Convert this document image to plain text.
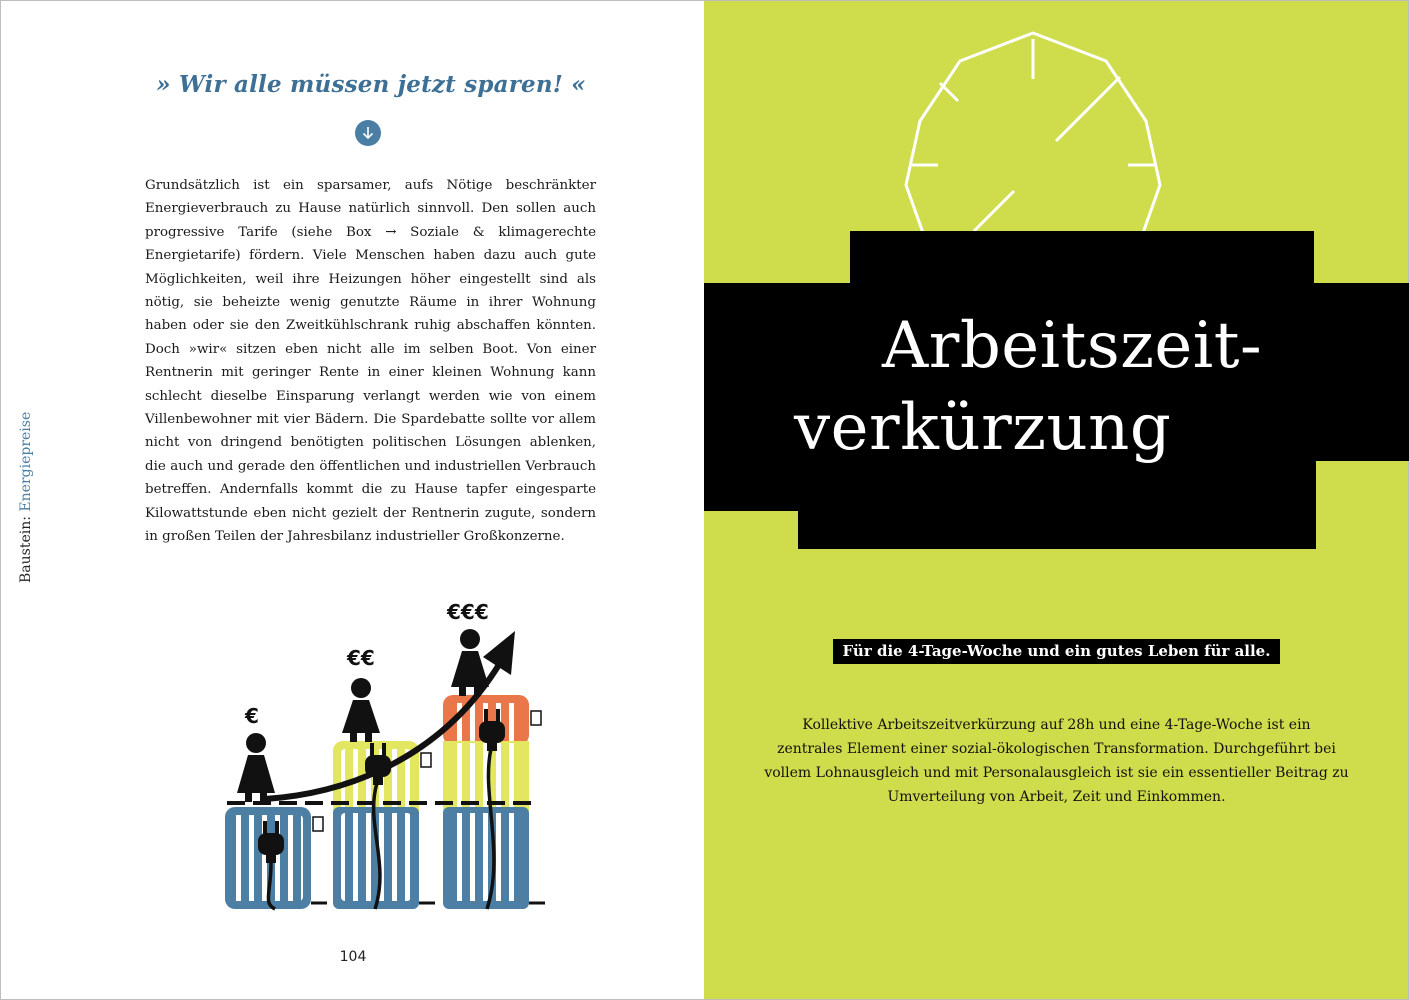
» Wir alle müssen jetzt sparen! «
Grundsätzlich ist ein sparsamer, aufs Nötige beschränkter Energieverbrauch zu Hause natürlich sinnvoll. Den sollen auch progressive Tarife (siehe Box → Soziale & klimagerechte Energietarife) fördern. Viele Menschen haben dazu auch gute Möglichkeiten, weil ihre Heizungen höher eingestellt sind als nötig, sie beheizte wenig genutzte Räume in ihrer Wohnung haben oder sie den Zweitkühlschrank ruhig abschaffen könnten. Doch »wir« sitzen eben nicht alle im selben Boot. Von einer Rentnerin mit geringer Rente in einer kleinen Wohnung kann schlecht dieselbe Einsparung verlangt werden wie von einem Villenbewohner mit vier Bädern. Die Spardebatte sollte vor allem nicht von dringend benötigten politischen Lösungen ablenken, die auch und gerade den öffentlichen und industriellen Verbrauch betreffen. Andernfalls kommt die zu Hause tapfer eingesparte Kilowattstunde eben nicht gezielt der Rentnerin zugute, sondern in großen Teilen der Jahresbilanz industrieller Großkonzerne.
Baustein: Energiepreise
€
€€
€€€
104
Arbeitszeit-
verkürzung
Für die 4-Tage-Woche und ein gutes Leben für alle.
Kollektive Arbeitszeitverkürzung auf 28h und eine 4-Tage-Woche ist ein
zentrales Element einer sozial-ökologischen Transformation. Durchgeführt bei
vollem Lohnausgleich und mit Personalausgleich ist sie ein essentieller Beitrag zu
Umverteilung von Arbeit, Zeit und Einkommen.
